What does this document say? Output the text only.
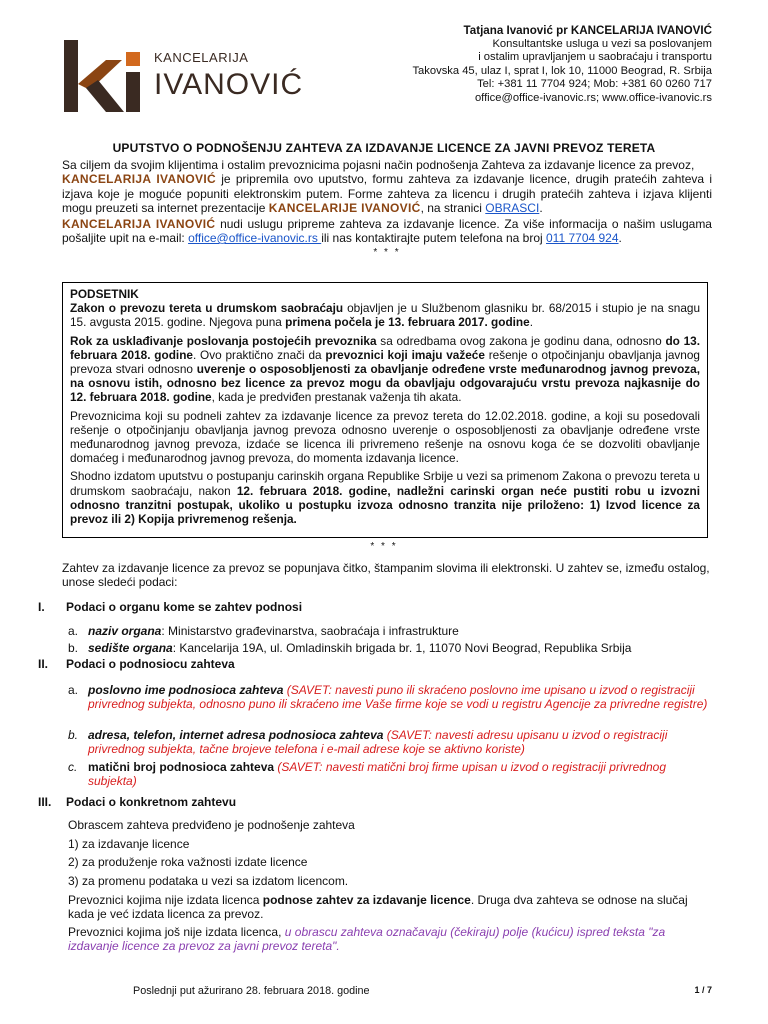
KANCELARIJA
IVANOVIĆ
Tatjana Ivanović pr KANCELARIJA IVANOVIĆ
Konsultantske usluga u vezi sa poslovanjem
i ostalim upravljanjem u saobraćaju i transportu
Takovska 45, ulaz I, sprat I, lok 10, 11000 Beograd, R. Srbija
Tel: +381 11 7704 924; Mob: +381 60 0260 717
office@office-ivanovic.rs; www.office-ivanovic.rs
UPUTSTVO O PODNOŠENJU ZAHTEVA ZA IZDAVANJE LICENCE ZA JAVNI PREVOZ TERETA

Sa ciljem da svojim klijentima i ostalim prevoznicima pojasni način podnošenja Zahteva za izdavanje licence za prevoz,
KANCELARIJA IVANOVIĆ je pripremila ovo uputstvo, formu zahteva za izdavanje licence, drugih pratećih zahteva i izjava koje je moguće popuniti elektronskim putem. Forme zahteva za licencu i drugih pratećih zahteva i izjava klijenti mogu preuzeti sa internet prezentacije KANCELARIJE IVANOVIĆ, na stranici OBRASCI.

KANCELARIJA IVANOVIĆ nudi uslugu pripreme zahteva za izdavanje licence. Za više informacija o našim uslugama pošaljite upit na e-mail: office@office-ivanovic.rs ili nas kontaktirajte putem telefona na broj 011 7704 924.

* * *

PODSETNIK

Zakon o prevozu tereta u drumskom saobraćaju objavljen je u Službenom glasniku br. 68/2015 i stupio je na snagu 15. avgusta 2015. godine. Njegova puna primena počela je 13. februara 2017. godine.

Rok za usklađivanje poslovanja postojećih prevoznika sa odredbama ovog zakona je godinu dana, odnosno do 13. februara 2018. godine. Ovo praktično znači da prevoznici koji imaju važeće rešenje o otpočinjanju obavljanja javnog prevoza stvari odnosno uverenje o osposobljenosti za obavljanje određene vrste međunarodnog javnog prevoza, na osnovu istih, odnosno bez licence za prevoz mogu da obavljaju odgovarajuću vrstu prevoza najkasnije do 12. februara 2018. godine, kada je predviđen prestanak važenja tih akata.

Prevoznicima koji su podneli zahtev za izdavanje licence za prevoz tereta do 12.02.2018. godine, a koji su posedovali rešenje o otpočinjanju obavljanja javnog prevoza odnosno uverenje o osposobljenosti za obavljanje određene vrste međunarodnog javnog prevoza, izdaće se licenca ili privremeno rešenje na osnovu koga će se dozvoliti obavljanje domaćeg i međunarodnog javnog prevoza, do momenta izdavanja licence.

Shodno izdatom uputstvu o postupanju carinskih organa Republike Srbije u vezi sa primenom Zakona o prevozu tereta u drumskom saobraćaju, nakon 12. februara 2018. godine, nadležni carinski organ neće pustiti robu u izvozni odnosno tranzitni postupak, ukoliko u postupku izvoza odnosno tranzita nije priloženo: 1) Izvod licence za prevoz ili 2) Kopija privremenog rešenja.

* * *
Zahtev za izdavanje licence za prevoz se popunjava čitko, štampanim slovima ili elektronski. U zahtev se, između ostalog, unose sledeći podaci:
I. Podaci o organu kome se zahtev podnosi
a. naziv organa: Ministarstvo građevinarstva, saobraćaja i infrastrukture
b. sedište organa: Kancelarija 19A, ul. Omladinskih brigada br. 1, 11070 Novi Beograd, Republika Srbija
II. Podaci o podnosiocu zahteva
a. poslovno ime podnosioca zahteva (SAVET: navesti puno ili skraćeno poslovno ime upisano u izvod o registraciji privrednog subjekta, odnosno puno ili skraćeno ime Vaše firme koje se vodi u registru Agencije za privredne registre)
b. adresa, telefon, internet adresa podnosioca zahteva (SAVET: navesti adresu upisanu u izvod o registraciji privrednog subjekta, tačne brojeve telefona i e-mail adrese koje se aktivno koriste)
c. matični broj podnosioca zahteva (SAVET: navesti matični broj firme upisan u izvod o registraciji privrednog subjekta)
III. Podaci o konkretnom zahtevu
Obrascem zahteva predviđeno je podnošenje zahteva
1) za izdavanje licence
2) za produženje roka važnosti izdate licence
3) za promenu podataka u vezi sa izdatom licencom.
Prevoznici kojima nije izdata licenca podnose zahtev za izdavanje licence. Druga dva zahteva se odnose na slučaj kada je već izdata licenca za prevoz.
Prevoznici kojima još nije izdata licenca, u obrascu zahteva označavaju (čekiraju) polje (kućicu) ispred teksta "za izdavanje licence za prevoz za javni prevoz tereta".
Poslednji put ažurirano 28. februara 2018. godine	1 / 7
